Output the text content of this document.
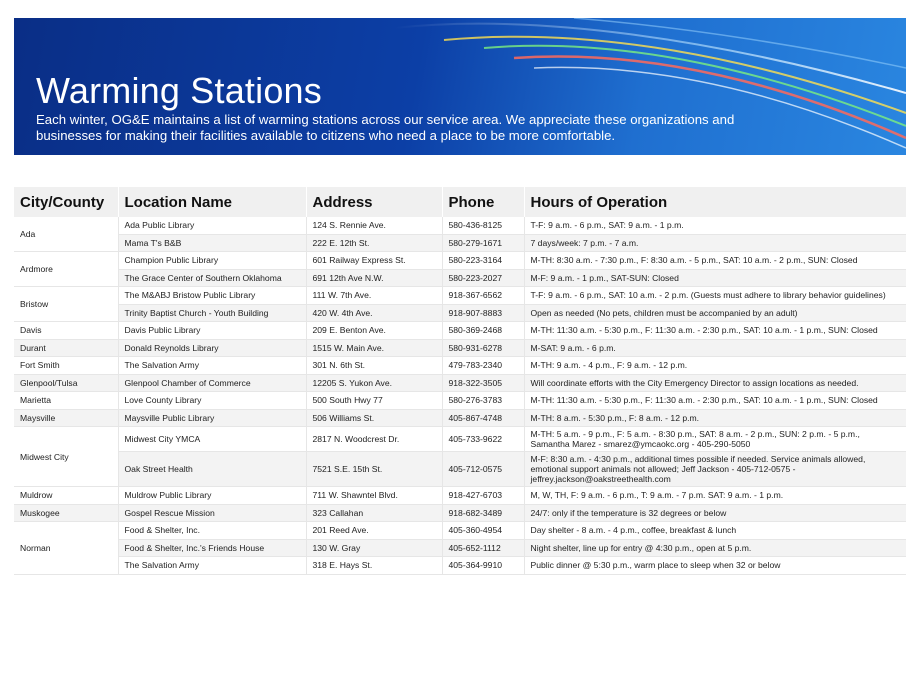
Warming Stations

Each winter, OG&E maintains a list of warming stations across our service area. We appreciate these organizations and businesses for making their facilities available to citizens who need a place to be more comfortable.

City/County	Location Name	Address	Phone	Hours of Operation
Ada	Ada Public Library	124 S. Rennie Ave.	580-436-8125	T-F: 9 a.m. - 6 p.m., SAT: 9 a.m. - 1 p.m.
	Mama T's B&B	222 E. 12th St.	580-279-1671	7 days/week: 7 p.m. - 7 a.m.
Ardmore	Champion Public Library	601 Railway Express St.	580-223-3164	M-TH: 8:30 a.m. - 7:30 p.m., F: 8:30 a.m. - 5 p.m., SAT: 10 a.m. - 2 p.m., SUN: Closed
	The Grace Center of Southern Oklahoma	691 12th Ave N.W.	580-223-2027	M-F: 9 a.m. - 1 p.m., SAT-SUN: Closed
Bristow	The M&ABJ Bristow Public Library	111 W. 7th Ave.	918-367-6562	T-F: 9 a.m. - 6 p.m., SAT: 10 a.m. - 2 p.m. (Guests must adhere to library behavior guidelines)
	Trinity Baptist Church - Youth Building	420 W. 4th Ave.	918-907-8883	Open as needed (No pets, children must be accompanied by an adult)
Davis	Davis Public Library	209 E. Benton Ave.	580-369-2468	M-TH: 11:30 a.m. - 5:30 p.m., F: 11:30 a.m. - 2:30 p.m., SAT: 10 a.m. - 1 p.m., SUN: Closed
Durant	Donald Reynolds Library	1515 W. Main Ave.	580-931-6278	M-SAT: 9 a.m. - 6 p.m.
Fort Smith	The Salvation Army	301 N. 6th St.	479-783-2340	M-TH: 9 a.m. - 4 p.m., F: 9 a.m. - 12 p.m.
Glenpool/Tulsa	Glenpool Chamber of Commerce	12205 S. Yukon Ave.	918-322-3505	Will coordinate efforts with the City Emergency Director to assign locations as needed.
Marietta	Love County Library	500 South Hwy 77	580-276-3783	M-TH: 11:30 a.m. - 5:30 p.m., F: 11:30 a.m. - 2:30 p.m., SAT: 10 a.m. - 1 p.m., SUN: Closed
Maysville	Maysville Public Library	506 Williams St.	405-867-4748	M-TH: 8 a.m. - 5:30 p.m., F: 8 a.m. - 12 p.m.
Midwest City	Midwest City YMCA	2817 N. Woodcrest Dr.	405-733-9622	M-TH: 5 a.m. - 9 p.m., F: 5 a.m. - 8:30 p.m., SAT: 8 a.m. - 2 p.m., SUN: 2 p.m. - 5 p.m., Samantha Marez - smarez@ymcaokc.org - 405-290-5050
	Oak Street Health	7521 S.E. 15th St.	405-712-0575	M-F: 8:30 a.m. - 4:30 p.m., additional times possible if needed. Service animals allowed, emotional support animals not allowed; Jeff Jackson - 405-712-0575 - jeffrey.jackson@oakstreethealth.com
Muldrow	Muldrow Public Library	711 W. Shawntel Blvd.	918-427-6703	M, W, TH, F: 9 a.m. - 6 p.m., T: 9 a.m. - 7 p.m. SAT: 9 a.m. - 1 p.m.
Muskogee	Gospel Rescue Mission	323 Callahan	918-682-3489	24/7: only if the temperature is 32 degrees or below
Norman	Food & Shelter, Inc.	201 Reed Ave.	405-360-4954	Day shelter - 8 a.m. - 4 p.m., coffee, breakfast & lunch
	Food & Shelter, Inc.'s Friends House	130 W. Gray	405-652-1112	Night shelter, line up for entry @ 4:30 p.m., open at 5 p.m.
	The Salvation Army	318 E. Hays St.	405-364-9910	Public dinner @ 5:30 p.m., warm place to sleep when 32 or below
